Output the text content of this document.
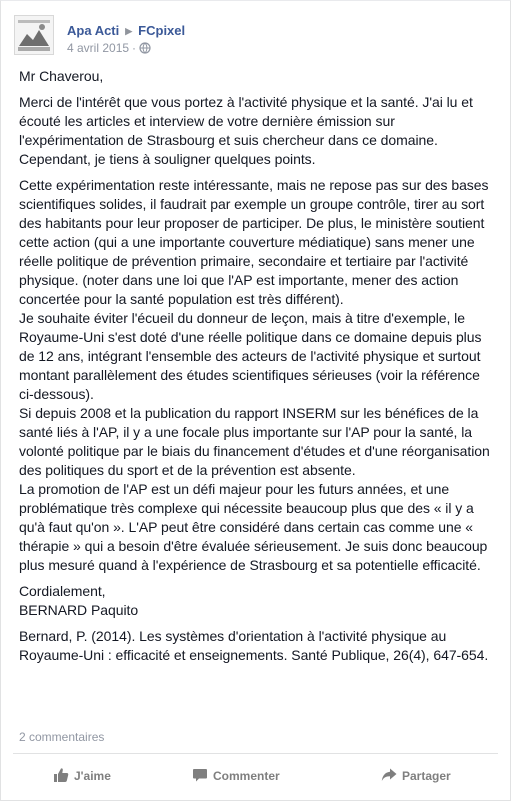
Apa Acti ▶ FCpixel
4 avril 2015 ·

Mr Chaverou,

Merci de l'intérêt que vous portez à l'activité physique et la santé. J'ai lu et écouté les articles et interview de votre dernière émission sur l'expérimentation de Strasbourg et suis chercheur dans ce domaine. Cependant, je tiens à souligner quelques points.

Cette expérimentation reste intéressante, mais ne repose pas sur des bases scientifiques solides, il faudrait par exemple un groupe contrôle, tirer au sort des habitants pour leur proposer de participer. De plus, le ministère soutient cette action (qui a une importante couverture médiatique) sans mener une réelle politique de prévention primaire, secondaire et tertiaire par l'activité physique. (noter dans une loi que l'AP est importante, mener des action concertée pour la santé population est très différent).

Je souhaite éviter l'écueil du donneur de leçon, mais à titre d'exemple, le Royaume-Uni s'est doté d'une réelle politique dans ce domaine depuis plus de 12 ans, intégrant l'ensemble des acteurs de l'activité physique et surtout montant parallèlement des études scientifiques sérieuses (voir la référence ci-dessous).

Si depuis 2008 et la publication du rapport INSERM sur les bénéfices de la santé liés à l'AP, il y a une focale plus importante sur l'AP pour la santé, la volonté politique par le biais du financement d'études et d'une réorganisation des politiques du sport et de la prévention est absente.

La promotion de l'AP est un défi majeur pour les futurs années, et une problématique très complexe qui nécessite beaucoup plus que des « il y a qu'à faut qu'on ». L'AP peut être considéré dans certain cas comme une « thérapie » qui a besoin d'être évaluée sérieusement. Je suis donc beaucoup plus mesuré quand à l'expérience de Strasbourg et sa potentielle efficacité.

Cordialement,

BERNARD Paquito

Bernard, P. (2014). Les systèmes d'orientation à l'activité physique au Royaume-Uni : efficacité et enseignements. Santé Publique, 26(4), 647-654.

2 commentaires
J'aime	Commenter	Partager
